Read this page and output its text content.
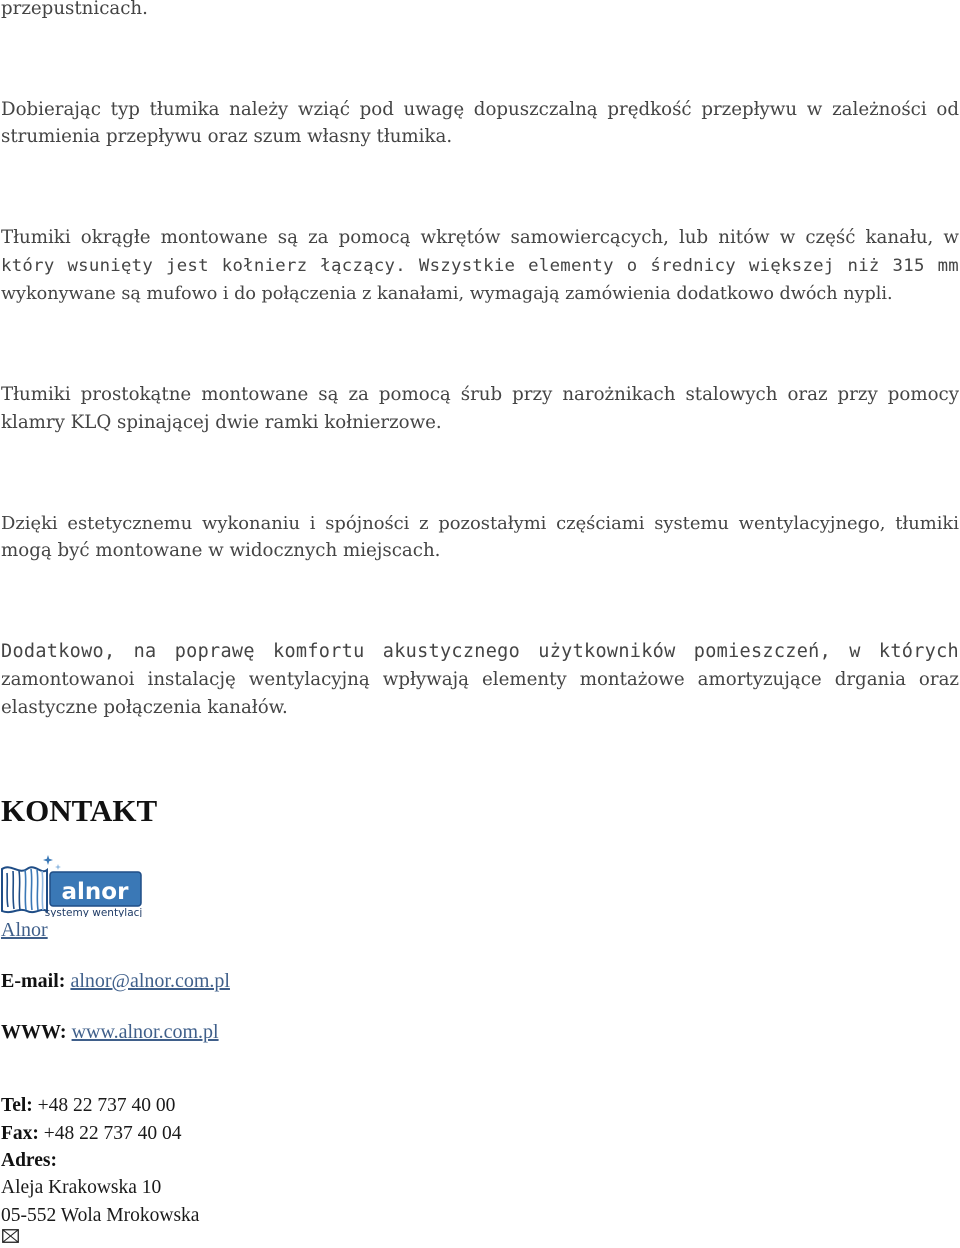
przepustnicach.

Dobierając typ tłumika należy wziąć pod uwagę dopuszczalną prędkość przepływu w zależności od

strumienia przepływu oraz szum własny tłumika.

Tłumiki okrągłe montowane są za pomocą wkrętów samowiercących, lub nitów w część kanału, w

który wsunięty jest kołnierz łączący. Wszystkie elementy o średnicy większej niż 315 mm

wykonywane są mufowo i do połączenia z kanałami, wymagają zamówienia dodatkowo dwóch nypli.

Tłumiki prostokątne montowane są za pomocą śrub przy narożnikach stalowych oraz przy pomocy

klamry KLQ spinającej dwie ramki kołnierzowe.

Dzięki estetycznemu wykonaniu i spójności z pozostałymi częściami systemu wentylacyjnego, tłumiki

mogą być montowane w widocznych miejscach.

Dodatkowo, na poprawę komfortu akustycznego użytkowników pomieszczeń, w których

zamontowanoi instalację wentylacyjną wpływają elementy montażowe amortyzujące drgania oraz

elastyczne połączenia kanałów.

KONTAKT
alnor
systemy wentylacji

Alnor

E-mail: alnor@alnor.com.pl

WWW: www.alnor.com.pl

Tel: +48 22 737 40 00

Fax: +48 22 737 40 04

Adres:

Aleja Krakowska 10

05-552 Wola Mrokowska
